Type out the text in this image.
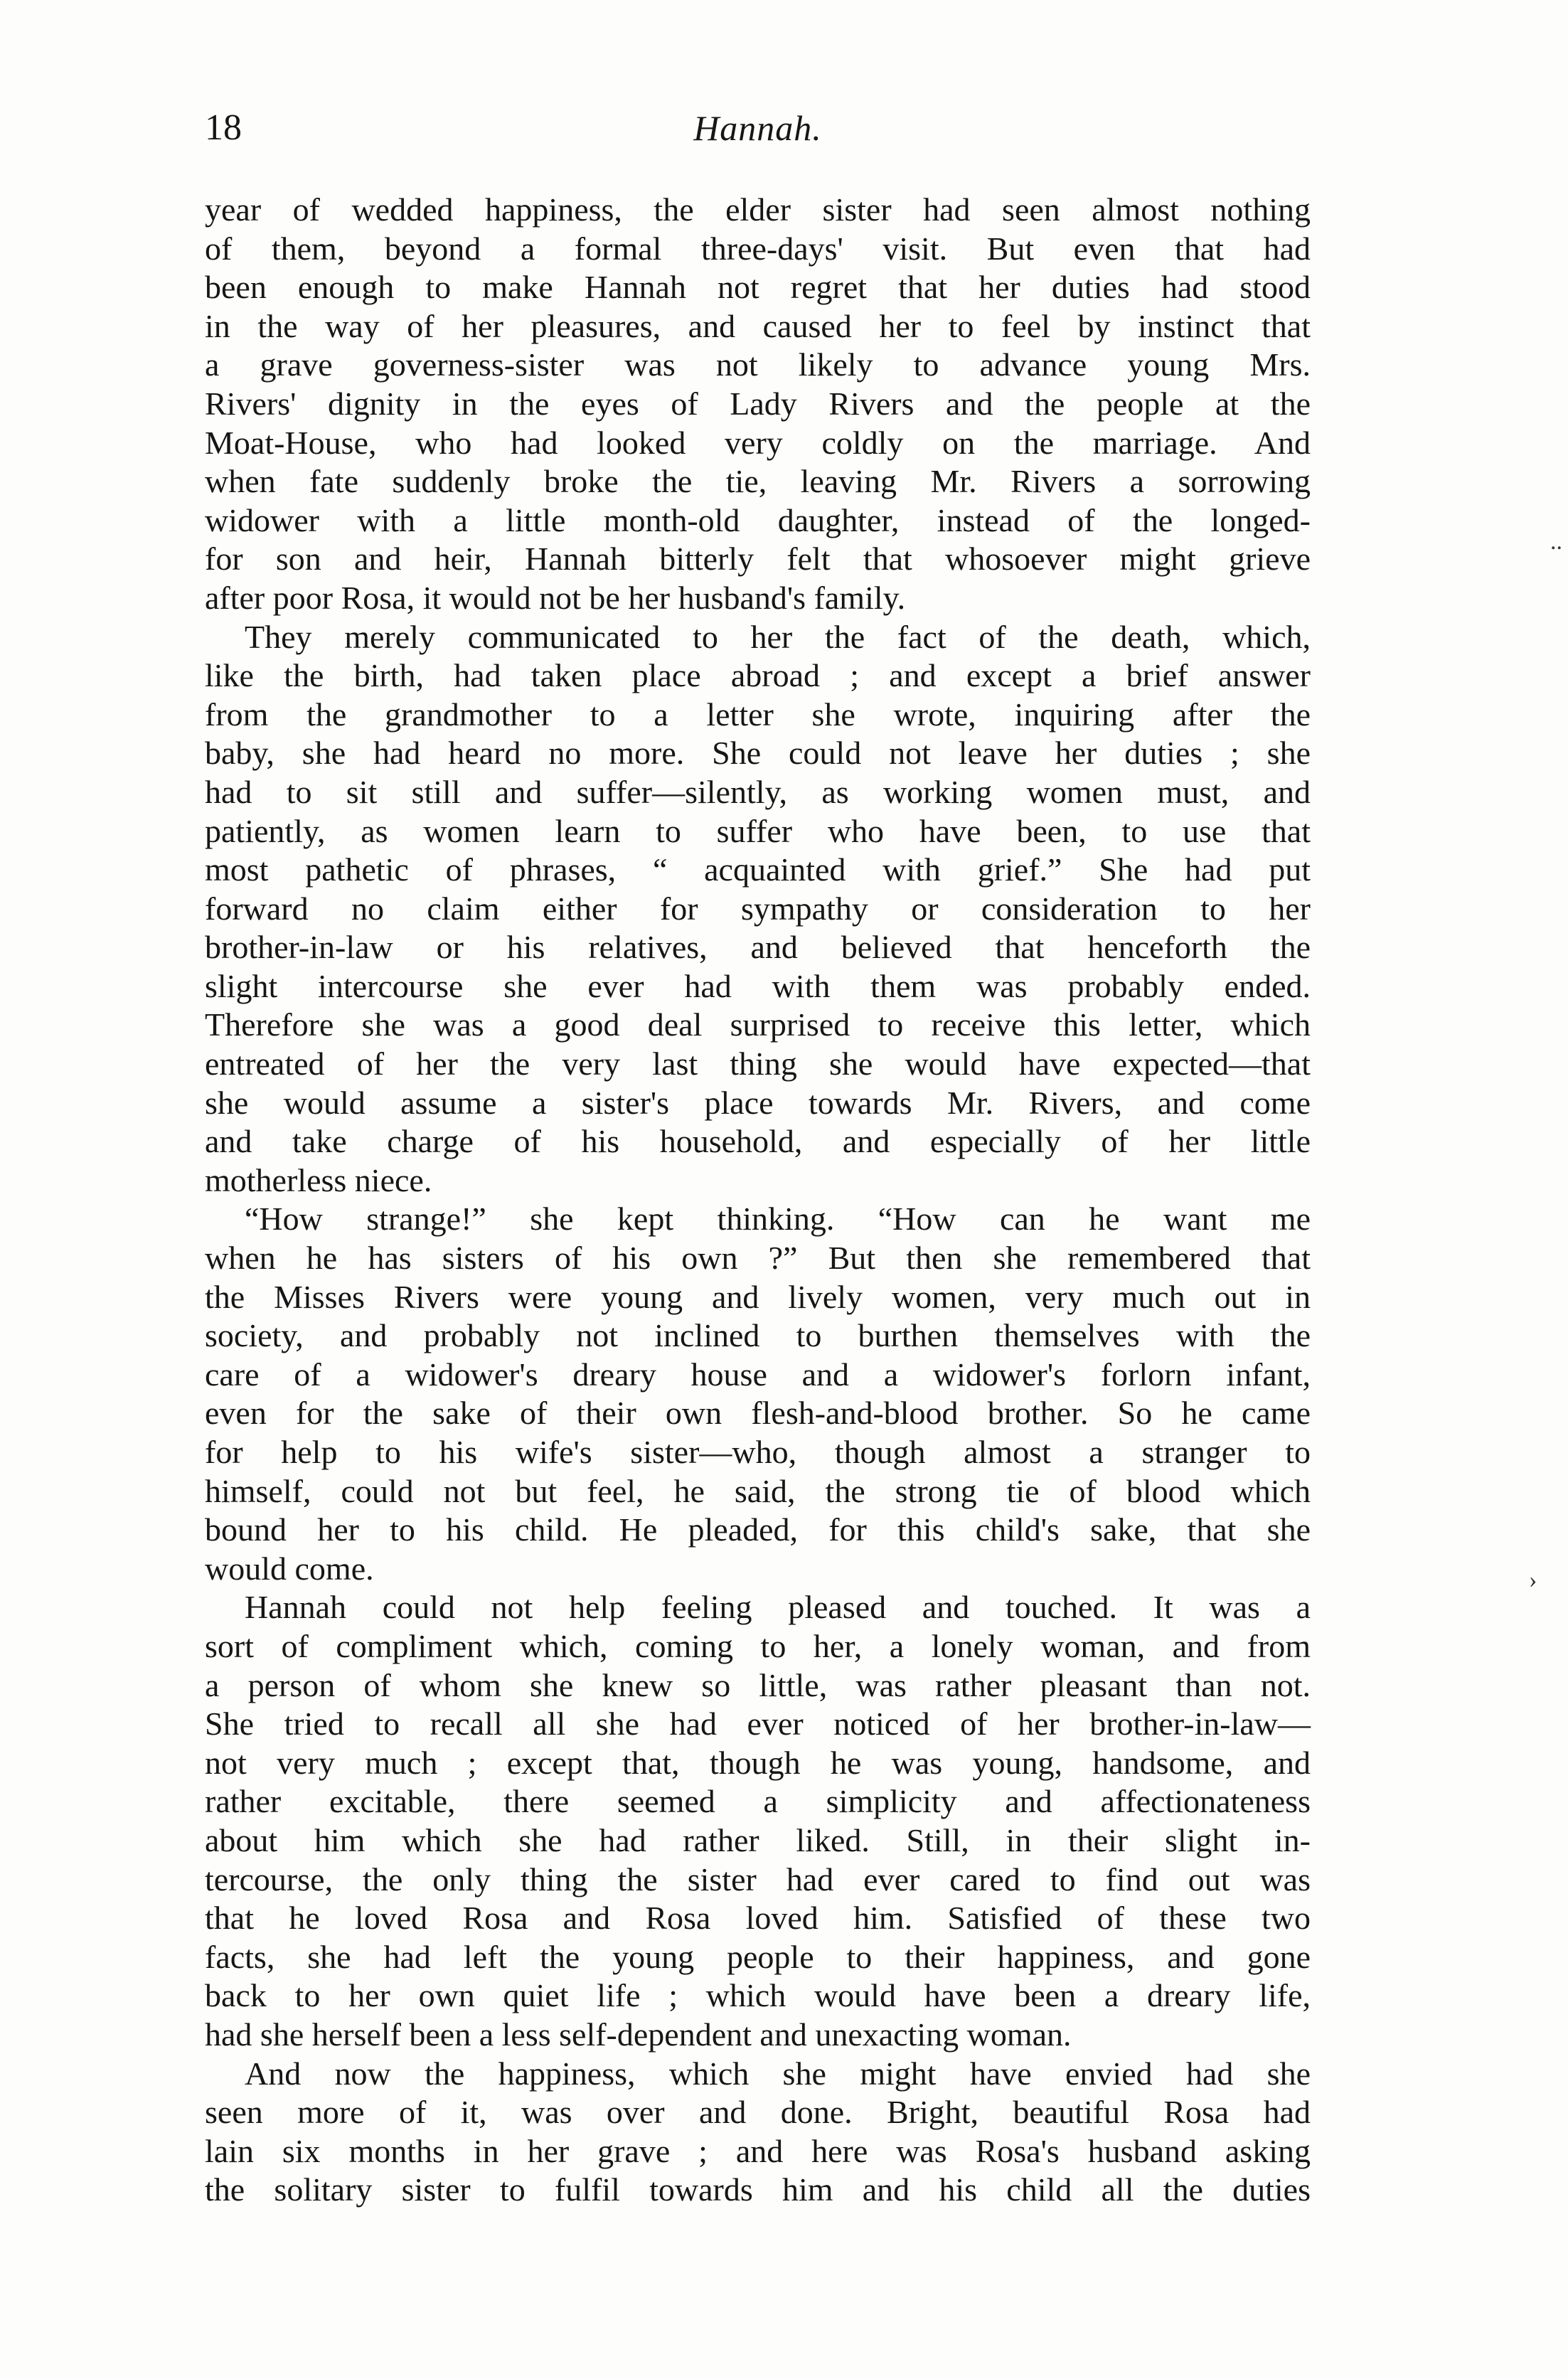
18	Hannah.
year of wedded happiness, the elder sister had seen almost nothing
of them, beyond a formal three-days' visit. But even that had
been enough to make Hannah not regret that her duties had stood
in the way of her pleasures, and caused her to feel by instinct that
a grave governess-sister was not likely to advance young Mrs.
Rivers' dignity in the eyes of Lady Rivers and the people at the
Moat-House, who had looked very coldly on the marriage. And
when fate suddenly broke the tie, leaving Mr. Rivers a sorrowing
widower with a little month-old daughter, instead of the longed-
for son and heir, Hannah bitterly felt that whosoever might grieve
after poor Rosa, it would not be her husband's family.
They merely communicated to her the fact of the death, which,
like the birth, had taken place abroad ; and except a brief answer
from the grandmother to a letter she wrote, inquiring after the
baby, she had heard no more. She could not leave her duties ; she
had to sit still and suffer—silently, as working women must, and
patiently, as women learn to suffer who have been, to use that
most pathetic of phrases, “ acquainted with grief.” She had put
forward no claim either for sympathy or consideration to her
brother-in-law or his relatives, and believed that henceforth the
slight intercourse she ever had with them was probably ended.
Therefore she was a good deal surprised to receive this letter, which
entreated of her the very last thing she would have expected—that
she would assume a sister's place towards Mr. Rivers, and come
and take charge of his household, and especially of her little
motherless niece.
“How strange!” she kept thinking. “How can he want me
when he has sisters of his own ?” But then she remembered that
the Misses Rivers were young and lively women, very much out in
society, and probably not inclined to burthen themselves with the
care of a widower's dreary house and a widower's forlorn infant,
even for the sake of their own flesh-and-blood brother. So he came
for help to his wife's sister—who, though almost a stranger to
himself, could not but feel, he said, the strong tie of blood which
bound her to his child. He pleaded, for this child's sake, that she
would come.
Hannah could not help feeling pleased and touched. It was a
sort of compliment which, coming to her, a lonely woman, and from
a person of whom she knew so little, was rather pleasant than not.
She tried to recall all she had ever noticed of her brother-in-law—
not very much ; except that, though he was young, handsome, and
rather excitable, there seemed a simplicity and affectionateness
about him which she had rather liked. Still, in their slight in-
tercourse, the only thing the sister had ever cared to find out was
that he loved Rosa and Rosa loved him. Satisfied of these two
facts, she had left the young people to their happiness, and gone
back to her own quiet life ; which would have been a dreary life,
had she herself been a less self-dependent and unexacting woman.
And now the happiness, which she might have envied had she
seen more of it, was over and done. Bright, beautiful Rosa had
lain six months in her grave ; and here was Rosa's husband asking
the solitary sister to fulfil towards him and his child all the duties
..
›
